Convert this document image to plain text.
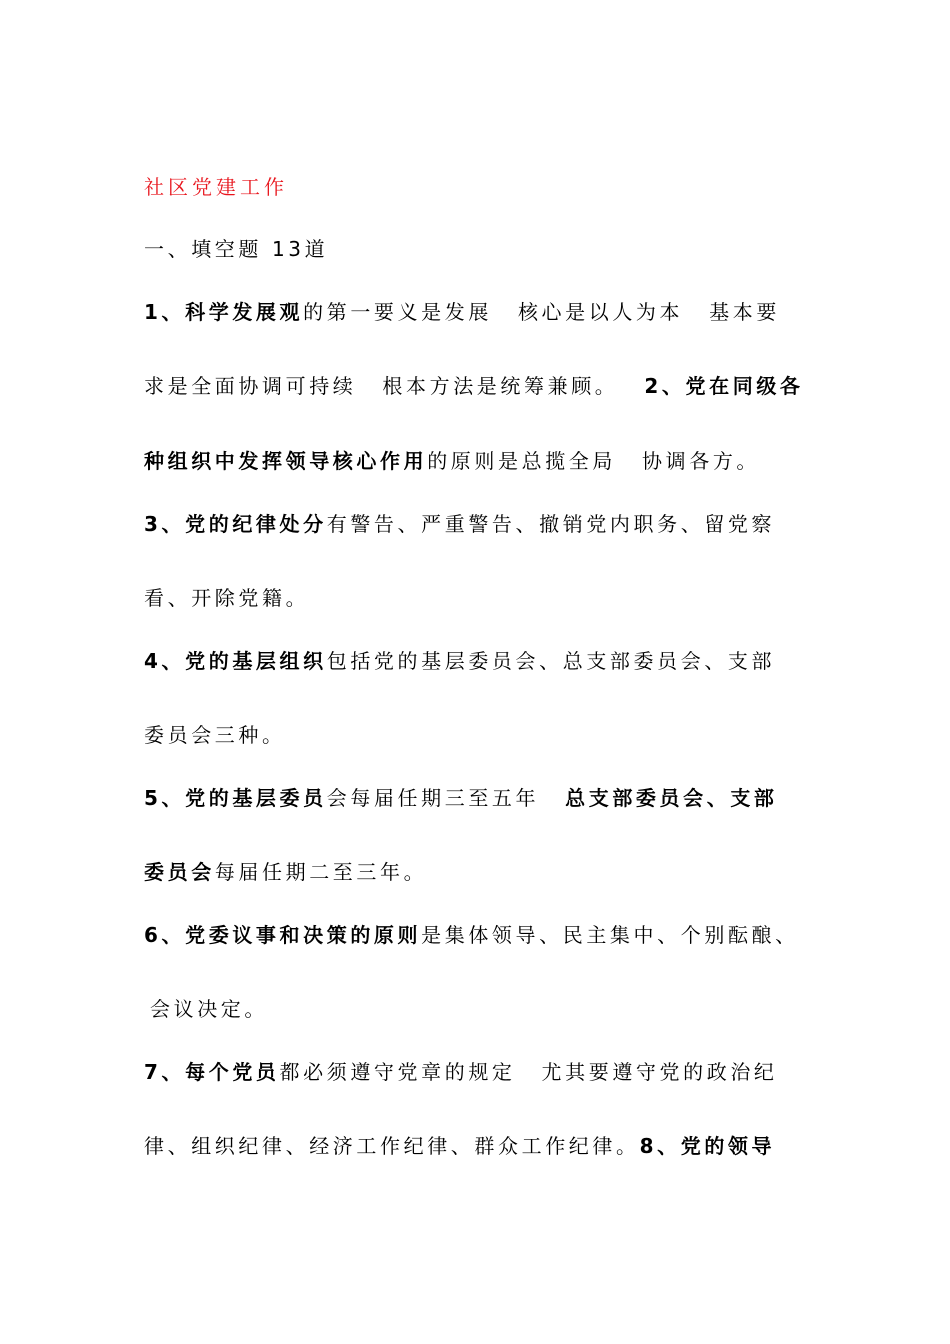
社区党建工作
一、填空题 13道
1、科学发展观的第一要义是发展 核心是以人为本 基本要
求是全面协调可持续 根本方法是统筹兼顾。 2、党在同级各
种组织中发挥领导核心作用的原则是总揽全局 协调各方。
3、党的纪律处分有警告、严重警告、撤销党内职务、留党察
看、开除党籍。
4、党的基层组织包括党的基层委员会、总支部委员会、支部
委员会三种。
5、党的基层委员会每届任期三至五年 总支部委员会、支部
委员会每届任期二至三年。
6、党委议事和决策的原则是集体领导、民主集中、个别酝酿、
会议决定。
7、每个党员都必须遵守党章的规定 尤其要遵守党的政治纪
律、组织纪律、经济工作纪律、群众工作纪律。8、党的领导
